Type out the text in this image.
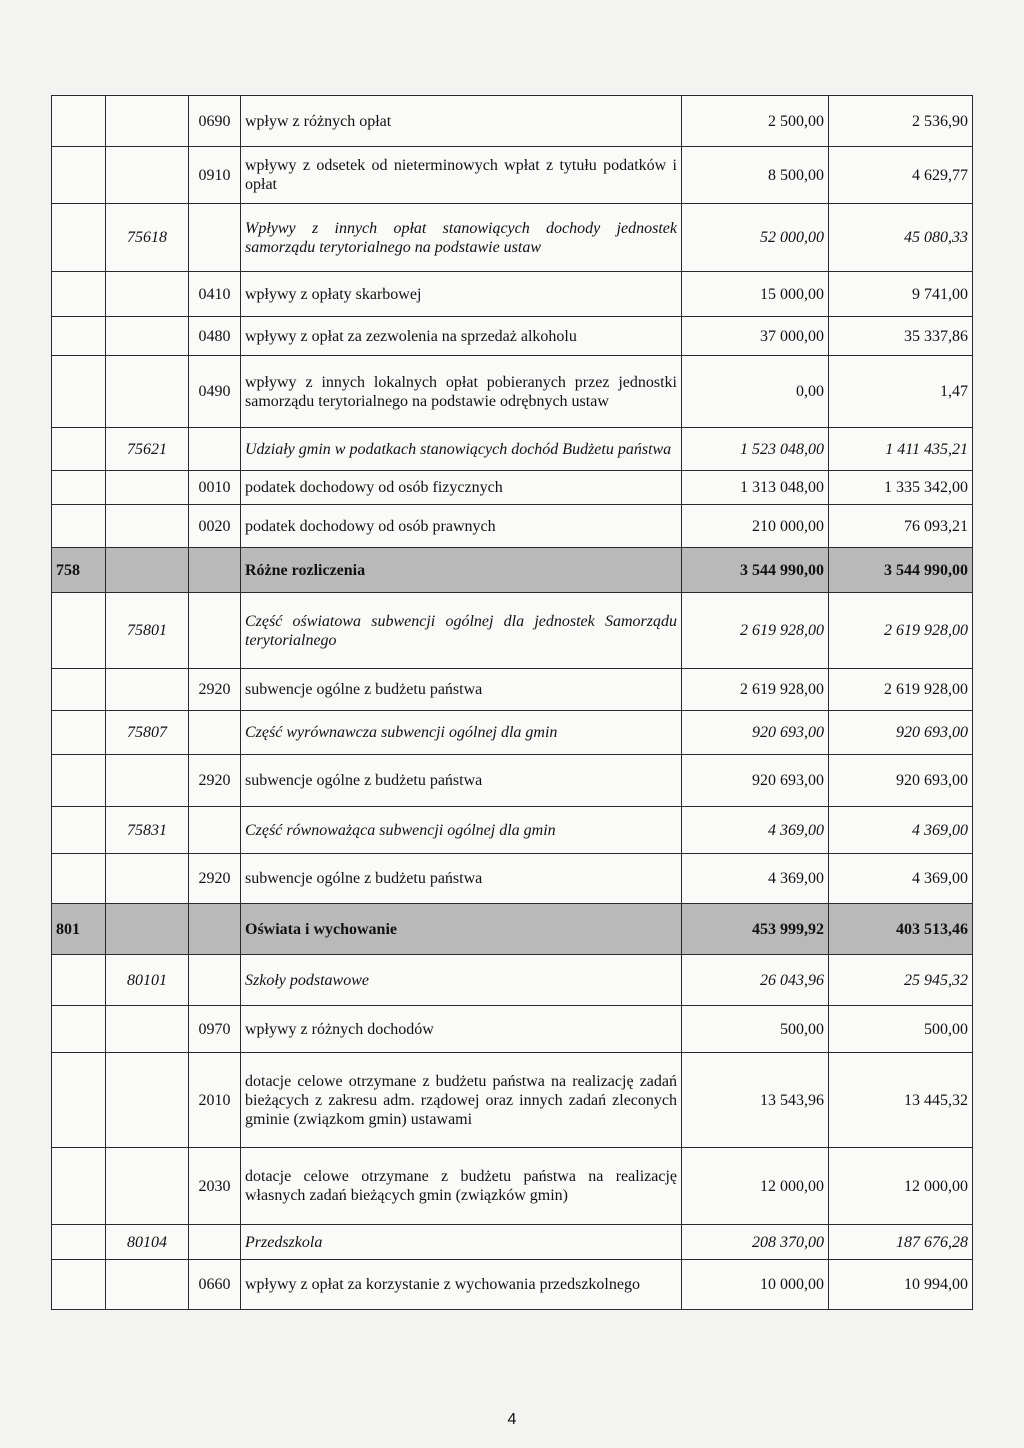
		0690	wpływ z różnych opłat	2 500,00	2 536,90
		0910	wpływy z odsetek od nieterminowych wpłat z tytułu podatków i opłat	8 500,00	4 629,77
	75618		Wpływy z innych opłat stanowiących dochody jednostek samorządu terytorialnego na podstawie ustaw	52 000,00	45 080,33
		0410	wpływy z opłaty skarbowej	15 000,00	9 741,00
		0480	wpływy z opłat za zezwolenia na sprzedaż alkoholu	37 000,00	35 337,86
		0490	wpływy z innych lokalnych opłat pobieranych przez jednostki samorządu terytorialnego na podstawie odrębnych ustaw	0,00	1,47
	75621		Udziały gmin w podatkach stanowiących dochód Budżetu państwa	1 523 048,00	1 411 435,21
		0010	podatek dochodowy od osób fizycznych	1 313 048,00	1 335 342,00
		0020	podatek dochodowy od osób prawnych	210 000,00	76 093,21
758			Różne rozliczenia	3 544 990,00	3 544 990,00
	75801		Część oświatowa subwencji ogólnej dla jednostek Samorządu terytorialnego	2 619 928,00	2 619 928,00
		2920	subwencje ogólne z budżetu państwa	2 619 928,00	2 619 928,00
	75807		Część wyrównawcza subwencji ogólnej dla gmin	920 693,00	920 693,00
		2920	subwencje ogólne z budżetu państwa	920 693,00	920 693,00
	75831		Część równoważąca subwencji ogólnej dla gmin	4 369,00	4 369,00
		2920	subwencje ogólne z budżetu państwa	4 369,00	4 369,00
801			Oświata i wychowanie	453 999,92	403 513,46
	80101		Szkoły podstawowe	26 043,96	25 945,32
		0970	wpływy z różnych dochodów	500,00	500,00
		2010	dotacje celowe otrzymane z budżetu państwa na realizację zadań bieżących z zakresu adm. rządowej oraz innych zadań zleconych gminie (związkom gmin) ustawami	13 543,96	13 445,32
		2030	dotacje celowe otrzymane z budżetu państwa na realizację własnych zadań bieżących gmin (związków gmin)	12 000,00	12 000,00
	80104		Przedszkola	208 370,00	187 676,28
		0660	wpływy z opłat za korzystanie z wychowania przedszkolnego	10 000,00	10 994,00
4
